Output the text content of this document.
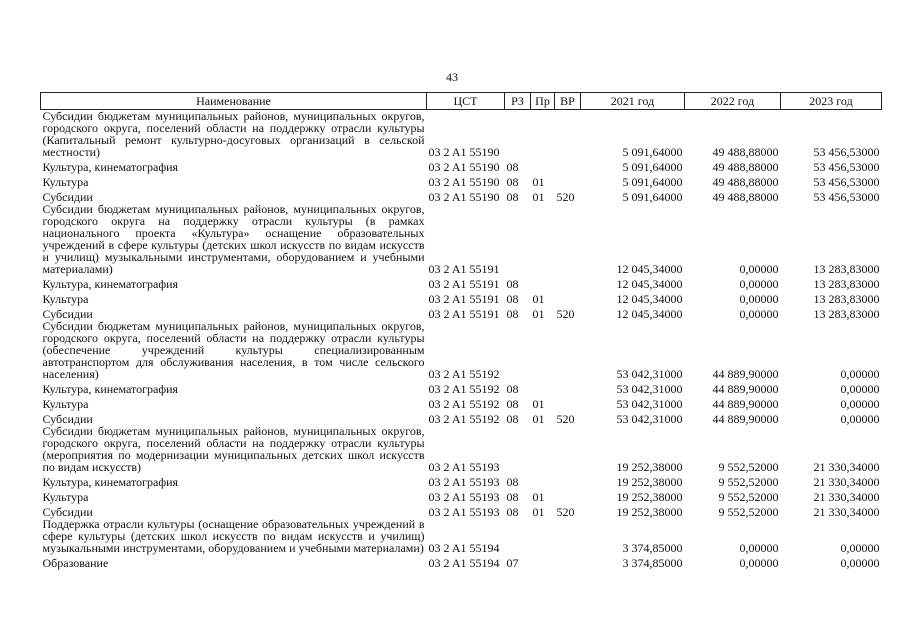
43
Наименование	ЦСТ	РЗ	Пр	ВР	2021 год	2022 год	2023 год
Субсидии бюджетам муниципальных районов, муниципальных округов, городского округа, поселений области на поддержку отрасли культуры (Капитальный ремонт культурно-досуговых организаций в сельской местности)	03 2 A1 55190				5 091,64000	49 488,88000	53 456,53000
Культура, кинематография	03 2 A1 55190	08			5 091,64000	49 488,88000	53 456,53000
Культура	03 2 A1 55190	08	01		5 091,64000	49 488,88000	53 456,53000
Субсидии	03 2 A1 55190	08	01	520	5 091,64000	49 488,88000	53 456,53000
Субсидии бюджетам муниципальных районов, муниципальных округов, городского округа на поддержку отрасли культуры (в рамках национального проекта «Культура» оснащение образовательных учреждений в сфере культуры (детских школ искусств по видам искусств и училищ) музыкальными инструментами, оборудованием и учебными материалами)	03 2 A1 55191				12 045,34000	0,00000	13 283,83000
Культура, кинематография	03 2 A1 55191	08			12 045,34000	0,00000	13 283,83000
Культура	03 2 A1 55191	08	01		12 045,34000	0,00000	13 283,83000
Субсидии	03 2 A1 55191	08	01	520	12 045,34000	0,00000	13 283,83000
Субсидии бюджетам муниципальных районов, муниципальных округов, городского округа, поселений области на поддержку отрасли культуры (обеспечение учреждений культуры специализированным автотранспортом для обслуживания населения, в том числе сельского населения)	03 2 A1 55192				53 042,31000	44 889,90000	0,00000
Культура, кинематография	03 2 A1 55192	08			53 042,31000	44 889,90000	0,00000
Культура	03 2 A1 55192	08	01		53 042,31000	44 889,90000	0,00000
Субсидии	03 2 A1 55192	08	01	520	53 042,31000	44 889,90000	0,00000
Субсидии бюджетам муниципальных районов, муниципальных округов, городского округа, поселений области на поддержку отрасли культуры (мероприятия по модернизации муниципальных детских школ искусств по видам искусств)	03 2 A1 55193				19 252,38000	9 552,52000	21 330,34000
Культура, кинематография	03 2 A1 55193	08			19 252,38000	9 552,52000	21 330,34000
Культура	03 2 A1 55193	08	01		19 252,38000	9 552,52000	21 330,34000
Субсидии	03 2 A1 55193	08	01	520	19 252,38000	9 552,52000	21 330,34000
Поддержка отрасли культуры (оснащение образовательных учреждений в сфере культуры (детских школ искусств по видам искусств и училищ) музыкальными инструментами, оборудованием и учебными материалами)	03 2 A1 55194				3 374,85000	0,00000	0,00000
Образование	03 2 A1 55194	07			3 374,85000	0,00000	0,00000
